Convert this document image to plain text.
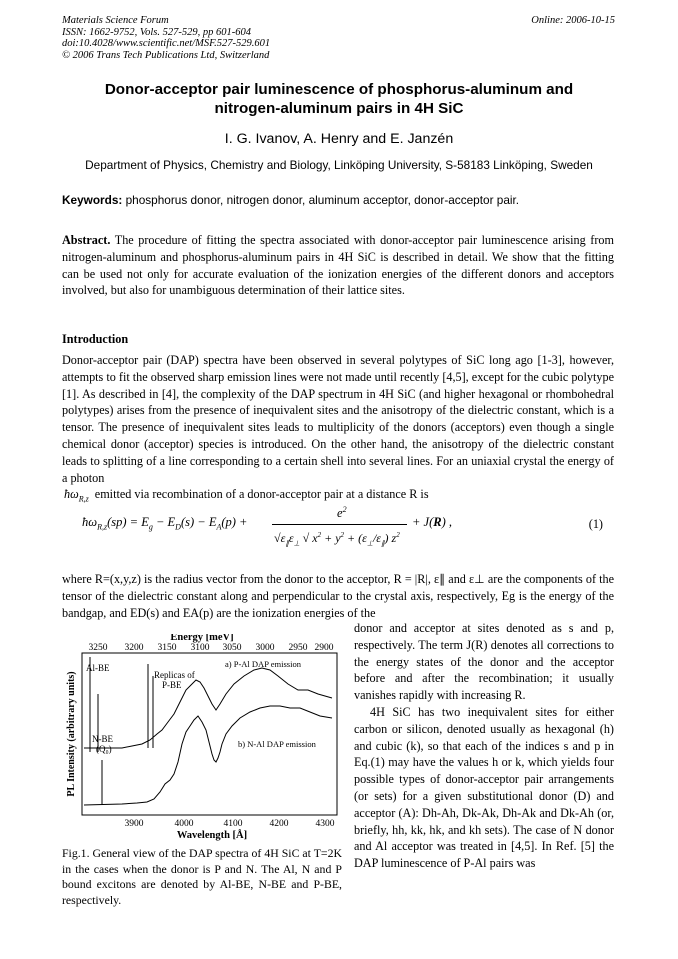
Materials Science Forum
ISSN: 1662-9752, Vols. 527-529, pp 601-604
doi:10.4028/www.scientific.net/MSF.527-529.601
© 2006 Trans Tech Publications Ltd, Switzerland
Online: 2006-10-15
Donor-acceptor pair luminescence of phosphorus-aluminum and
nitrogen-aluminum pairs in 4H SiC
I. G. Ivanov, A. Henry and E. Janzén
Department of Physics, Chemistry and Biology, Linköping University, S-58183 Linköping, Sweden
Keywords: phosphorus donor, nitrogen donor, aluminum acceptor, donor-acceptor pair.
Abstract. The procedure of fitting the spectra associated with donor-acceptor pair luminescence arising from nitrogen-aluminum and phosphorus-aluminum pairs in 4H SiC is described in detail. We show that the fitting can be used not only for accurate evaluation of the ionization energies of the different donors and acceptors involved, but also for unambiguous determination of their lattice sites.
Introduction
Donor-acceptor pair (DAP) spectra have been observed in several polytypes of SiC long ago [1-3], however, attempts to fit the observed sharp emission lines were not made until recently [4,5], except for the cubic polytype [1]. As described in [4], the complexity of the DAP spectrum in 4H SiC (and higher hexagonal or rhombohedral polytypes) arises from the presence of inequivalent sites and the anisotropy of the dielectric constant, which is a tensor. The presence of inequivalent sites leads to multiplicity of the donors (acceptors) even though a single chemical donor (acceptor) species is introduced. On the other hand, the anisotropy of the dielectric constant leads to splitting of a line corresponding to a certain shell into several lines. For an uniaxial crystal the energy of a photon
$ħ\omega_{R,z}$ emitted via recombination of a donor-acceptor pair at a distance R is
$ħ\omega_{R,z}(sp) = E_g - E_D(s) - E_A(p)$ +
$e^2$
$√\varepsilon_\parallel\varepsilon_\perp$ √ $x^2 + y^2 + (\varepsilon_\perp/\varepsilon_\parallel)$ $z^2$
+ J(R) ,	(1)
where R=(x,y,z) is the radius vector from the donor to the acceptor, R = |R|, ε∥ and ε⊥ are the components of the tensor of the dielectric constant along and perpendicular to the crystal axis, respectively, Eg is the energy of the bandgap, and ED(s) and EA(p) are the ionization energies of the
Energy [meV]
3250 3200 3150 3100 3050 3000 2950 2900
Al-BE
Replicas of
P-BE
a) P-Al DAP emission
b) N-Al DAP emission
N-BE
(Q₀)
3900	4000	4100	4200	4300
Wavelength [Å]
PL Intensity (arbitrary units)
Fig.1. General view of the DAP spectra of 4H SiC at T=2K in the cases when the donor is P and N. The Al, N and P bound excitons are denoted by Al-BE, N-BE and P-BE, respectively.

donor and acceptor at sites denoted as s and p, respectively. The term J(R) denotes all corrections to the energy states of the donor and the acceptor before and after the recombination; it usually vanishes rapidly with increasing R.

4H SiC has two inequivalent sites for either carbon or silicon, denoted usually as hexagonal (h) and cubic (k), so that each of the indices s and p in Eq.(1) may have the values h or k, which yields four possible types of donor-acceptor pair arrangements (or sets) for a given substitutional donor (D) and acceptor (A): Dh-Ah, Dk-Ak, Dh-Ak and Dk-Ah (or, briefly, hh, kk, hk, and kh sets). The case of N donor and Al acceptor was treated in [4,5]. In Ref. [5] the DAP luminescence of P-Al pairs was
